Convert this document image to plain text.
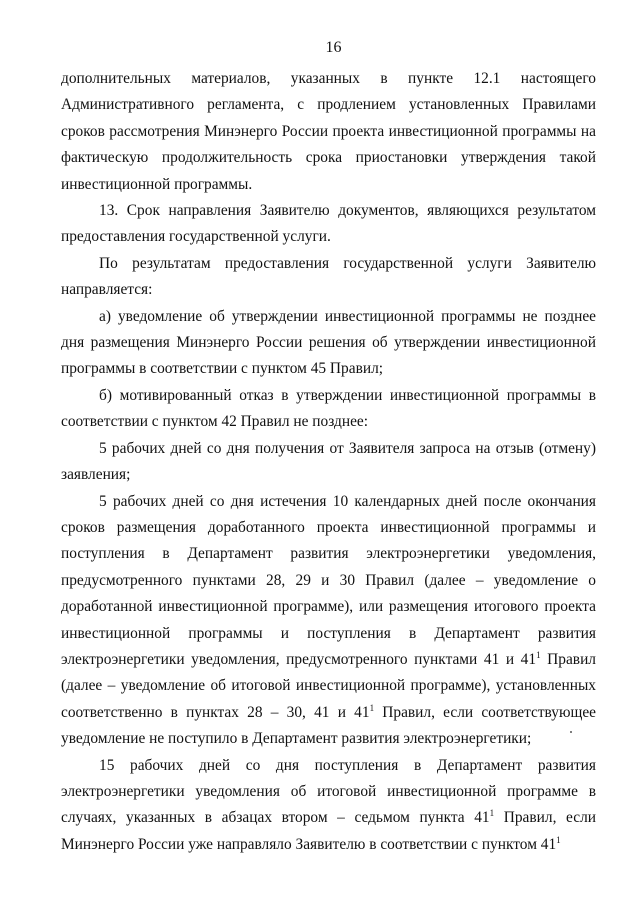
16

дополнительных материалов, указанных в пункте 12.1 настоящего Административного регламента, с продлением установленных Правилами сроков рассмотрения Минэнерго России проекта инвестиционной программы на фактическую продолжительность срока приостановки утверждения такой инвестиционной программы.

13. Срок направления Заявителю документов, являющихся результатом предоставления государственной услуги.

По результатам предоставления государственной услуги Заявителю направляется:

а) уведомление об утверждении инвестиционной программы не позднее дня размещения Минэнерго России решения об утверждении инвестиционной программы в соответствии с пунктом 45 Правил;

б) мотивированный отказ в утверждении инвестиционной программы в соответствии с пунктом 42 Правил не позднее:

5 рабочих дней со дня получения от Заявителя запроса на отзыв (отмену) заявления;

5 рабочих дней со дня истечения 10 календарных дней после окончания сроков размещения доработанного проекта инвестиционной программы и поступления в Департамент развития электроэнергетики уведомления, предусмотренного пунктами 28, 29 и 30 Правил (далее – уведомление о доработанной инвестиционной программе), или размещения итогового проекта инвестиционной программы и поступления в Департамент развития электроэнергетики уведомления, предусмотренного пунктами 41 и $41^1$ Правил (далее – уведомление об итоговой инвестиционной программе), установленных соответственно в пунктах 28 – 30, 41 и $41^1$ Правил, если соответствующее уведомление не поступило в Департамент развития электроэнергетики;

15 рабочих дней со дня поступления в Департамент развития электроэнергетики уведомления об итоговой инвестиционной программе в случаях, указанных в абзацах втором – седьмом пункта $41^1$ Правил, если Минэнерго России уже направляло Заявителю в соответствии с пунктом $41^1$
